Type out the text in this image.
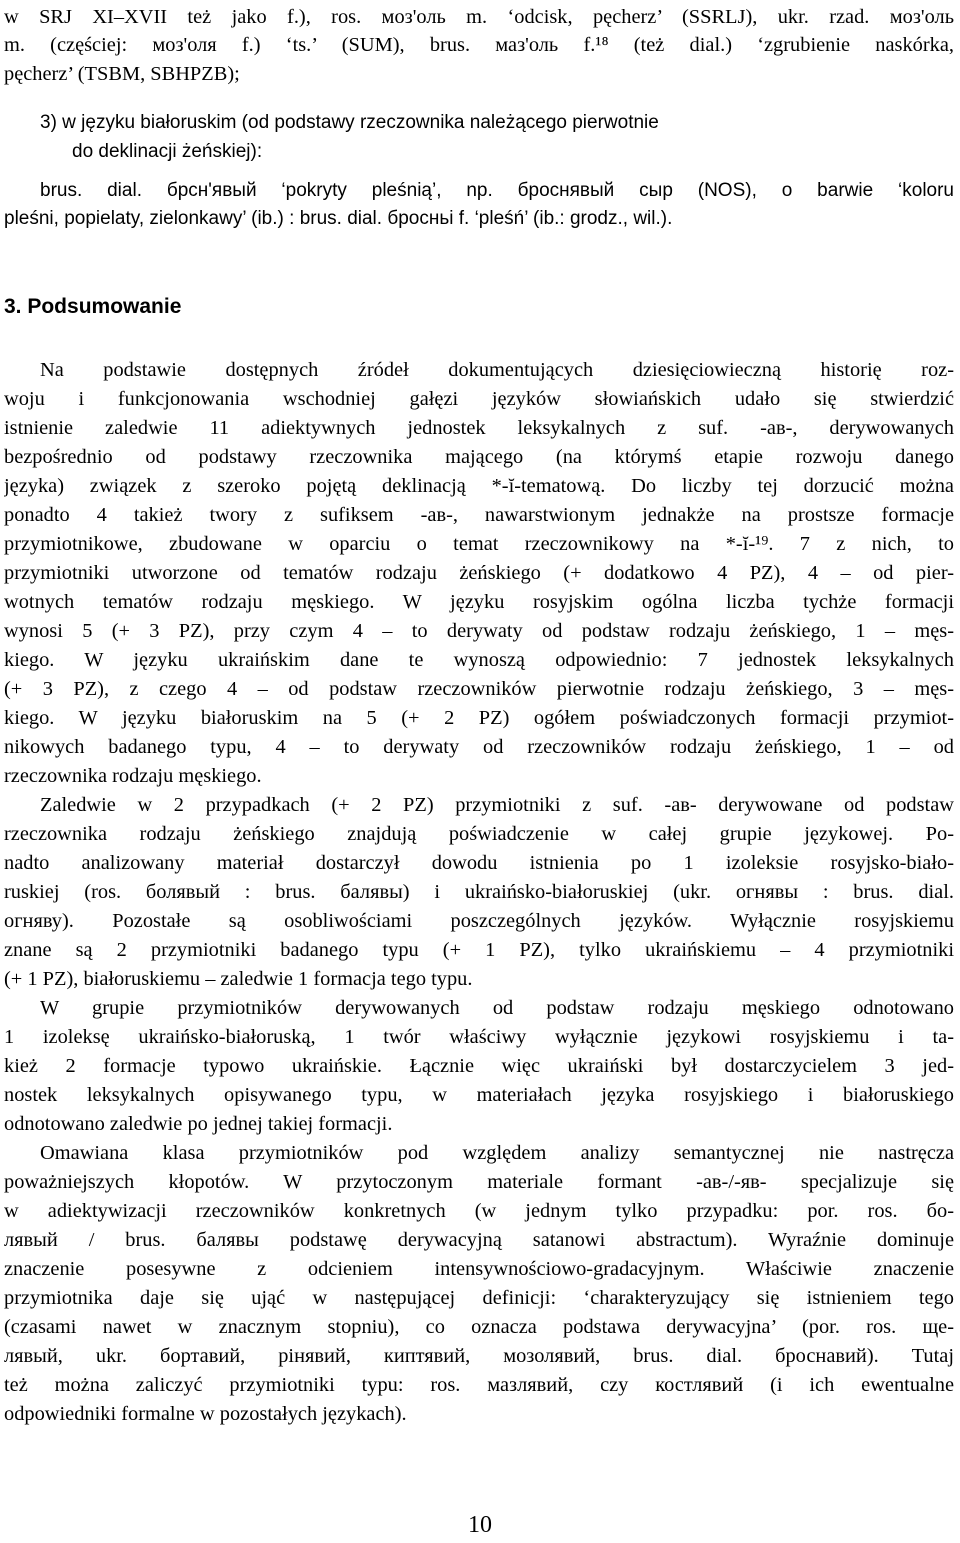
w SRJ XI–XVII też jako f.), ros. моз'оль m. ‘odcisk, pęcherz’ (SSRLJ), ukr. rzad. моз'оль
m. (częściej: моз'оля f.) ‘ts.’ (SUM), brus. маз'оль f.¹⁸ (też dial.) ‘zgrubienie naskórka,
pęcherz’ (TSBM, SBHPZB);
3) w języku białoruskim (od podstawy rzeczownika należącego pierwotnie
do deklinacji żeńskiej):
brus. dial. брсн'явый ‘pokryty pleśnią’, np. броснявый сыр (NOS), o barwie ‘koloru
pleśni, popielaty, zielonkawy’ (ib.) : brus. dial. бросньi f. ‘pleśń’ (ib.: grodz., wil.).
3. Podsumowanie
Na podstawie dostępnych źródeł dokumentujących dziesięciowieczną historię roz-
woju i funkcjonowania wschodniej gałęzi języków słowiańskich udało się stwierdzić
istnienie zaledwie 11 adiektywnych jednostek leksykalnych z suf. -ав-, derywowanych
bezpośrednio od podstawy rzeczownika mającego (na którymś etapie rozwoju danego
języka) związek z szeroko pojętą deklinacją *-ĭ-tematową. Do liczby tej dorzucić można
ponadto 4 takież twory z sufiksem -ав-, nawarstwionym jednakże na prostsze formacje
przymiotnikowe, zbudowane w oparciu o temat rzeczownikowy na *-ĭ-¹⁹. 7 z nich, to
przymiotniki utworzone od tematów rodzaju żeńskiego (+ dodatkowo 4 PZ), 4 – od pier-
wotnych tematów rodzaju męskiego. W języku rosyjskim ogólna liczba tychże formacji
wynosi 5 (+ 3 PZ), przy czym 4 – to derywaty od podstaw rodzaju żeńskiego, 1 – męs-
kiego. W języku ukraińskim dane te wynoszą odpowiednio: 7 jednostek leksykalnych
(+ 3 PZ), z czego 4 – od podstaw rzeczowników pierwotnie rodzaju żeńskiego, 3 – męs-
kiego. W języku białoruskim na 5 (+ 2 PZ) ogółem poświadczonych formacji przymiot-
nikowych badanego typu, 4 – to derywaty od rzeczowników rodzaju żeńskiego, 1 – od
rzeczownika rodzaju męskiego.
Zaledwie w 2 przypadkach (+ 2 PZ) przymiotniki z suf. -ав- derywowane od podstaw
rzeczownika rodzaju żeńskiego znajdują poświadczenie w całej grupie językowej. Po-
nadto analizowany materiał dostarczył dowodu istnienia po 1 izoleksie rosyjsko-biało-
ruskiej (ros. болявый : brus. балявы) i ukraińsko-białoruskiej (ukr. огнявы : brus. dial.
огняву). Pozostałe są osobliwościami poszczególnych języków. Wyłącznie rosyjskiemu
znane są 2 przymiotniki badanego typu (+ 1 PZ), tylko ukraińskiemu – 4 przymiotniki
(+ 1 PZ), białoruskiemu – zaledwie 1 formacja tego typu.
W grupie przymiotników derywowanych od podstaw rodzaju męskiego odnotowano
1 izoleksę ukraińsko-białoruską, 1 twór właściwy wyłącznie językowi rosyjskiemu i ta-
kież 2 formacje typowo ukraińskie. Łącznie więc ukraiński był dostarczycielem 3 jed-
nostek leksykalnych opisywanego typu, w materiałach języka rosyjskiego i białoruskiego
odnotowano zaledwie po jednej takiej formacji.
Omawiana klasa przymiotników pod względem analizy semantycznej nie nastręcza
poważniejszych kłopotów. W przytoczonym materiale formant -ав-/-яв- specjalizuje się
w adiektywizacji rzeczowników konkretnych (w jednym tylko przypadku: por. ros. бо-
лявый / brus. балявы podstawę derywacyjną satanowi abstractum). Wyraźnie dominuje
znaczenie posesywne z odcieniem intensywnościowo-gradacyjnym. Właściwie znaczenie
przymiotnika daje się ująć w następującej definicji: ‘charakteryzujący się istnieniem tego
(czasami nawet w znacznym stopniu), co oznacza podstawa derywacyjna’ (por. ros. ще-
лявый, ukr. бортавий, рінявий, киптявий, мозолявий, brus. dial. броснавий). Tutaj
też można zaliczyć przymiotniki typu: ros. мазлявий, czy костлявий (i ich ewentualne
odpowiedniki formalne w pozostałych językach).
10
